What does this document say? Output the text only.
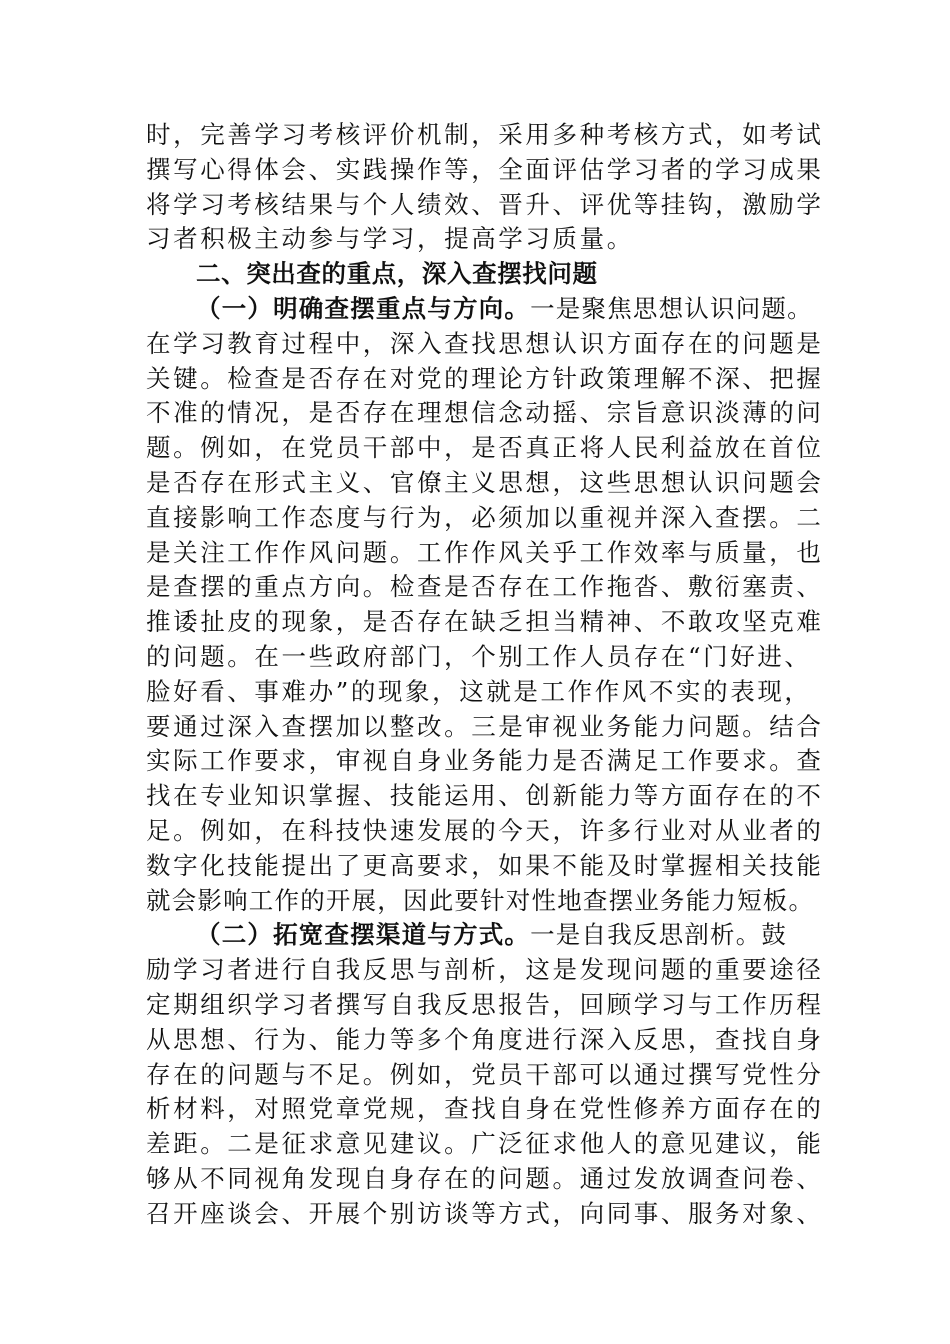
时，完善学习考核评价机制，采用多种考核方式，如考试
撰写心得体会、实践操作等，全面评估学习者的学习成果
将学习考核结果与个人绩效、晋升、评优等挂钩，激励学
习者积极主动参与学习，提高学习质量。
二、突出查的重点，深入查摆找问题
（一）明确查摆重点与方向。一是聚焦思想认识问题。
在学习教育过程中，深入查找思想认识方面存在的问题是
关键。检查是否存在对党的理论方针政策理解不深、把握
不准的情况，是否存在理想信念动摇、宗旨意识淡薄的问
题。例如，在党员干部中，是否真正将人民利益放在首位
是否存在形式主义、官僚主义思想，这些思想认识问题会
直接影响工作态度与行为，必须加以重视并深入查摆。二
是关注工作作风问题。工作作风关乎工作效率与质量，也
是查摆的重点方向。检查是否存在工作拖沓、敷衍塞责、
推诿扯皮的现象，是否存在缺乏担当精神、不敢攻坚克难
的问题。在一些政府部门，个别工作人员存在“门好进、
脸好看、事难办”的现象，这就是工作作风不实的表现，
要通过深入查摆加以整改。三是审视业务能力问题。结合
实际工作要求，审视自身业务能力是否满足工作要求。查
找在专业知识掌握、技能运用、创新能力等方面存在的不
足。例如，在科技快速发展的今天，许多行业对从业者的
数字化技能提出了更高要求，如果不能及时掌握相关技能
就会影响工作的开展，因此要针对性地查摆业务能力短板。
（二）拓宽查摆渠道与方式。一是自我反思剖析。鼓
励学习者进行自我反思与剖析，这是发现问题的重要途径
定期组织学习者撰写自我反思报告，回顾学习与工作历程
从思想、行为、能力等多个角度进行深入反思，查找自身
存在的问题与不足。例如，党员干部可以通过撰写党性分
析材料，对照党章党规，查找自身在党性修养方面存在的
差距。二是征求意见建议。广泛征求他人的意见建议，能
够从不同视角发现自身存在的问题。通过发放调查问卷、
召开座谈会、开展个别访谈等方式，向同事、服务对象、
